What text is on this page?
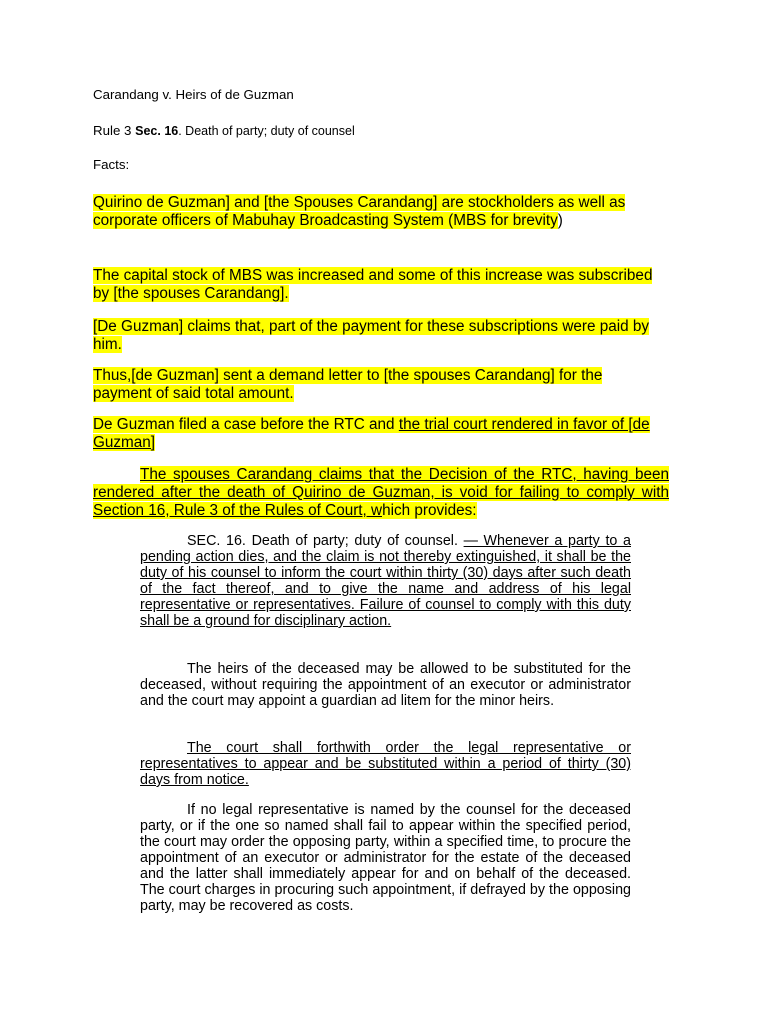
Carandang v. Heirs of de Guzman
Rule 3 Sec. 16. Death of party; duty of counsel
Facts:
Quirino de Guzman] and [the Spouses Carandang] are stockholders as well as corporate officers of Mabuhay Broadcasting System (MBS for brevity)
The capital stock of MBS was increased and some of this increase was subscribed by [the spouses Carandang].
[De Guzman] claims that, part of the payment for these subscriptions were paid by him.
Thus,[de Guzman] sent a demand letter to [the spouses Carandang] for the payment of said total amount.
De Guzman filed a case before the RTC and the trial court rendered in favor of [de Guzman]
The spouses Carandang claims that the Decision of the RTC, having been rendered after the death of Quirino de Guzman, is void for failing to comply with Section 16, Rule 3 of the Rules of Court, which provides:
SEC. 16. Death of party; duty of counsel. — Whenever a party to a pending action dies, and the claim is not thereby extinguished, it shall be the duty of his counsel to inform the court within thirty (30) days after such death of the fact thereof, and to give the name and address of his legal representative or representatives. Failure of counsel to comply with this duty shall be a ground for disciplinary action.
The heirs of the deceased may be allowed to be substituted for the deceased, without requiring the appointment of an executor or administrator and the court may appoint a guardian ad litem for the minor heirs.
The court shall forthwith order the legal representative or representatives to appear and be substituted within a period of thirty (30) days from notice.
If no legal representative is named by the counsel for the deceased party, or if the one so named shall fail to appear within the specified period, the court may order the opposing party, within a specified time, to procure the appointment of an executor or administrator for the estate of the deceased and the latter shall immediately appear for and on behalf of the deceased. The court charges in procuring such appointment, if defrayed by the opposing party, may be recovered as costs.
